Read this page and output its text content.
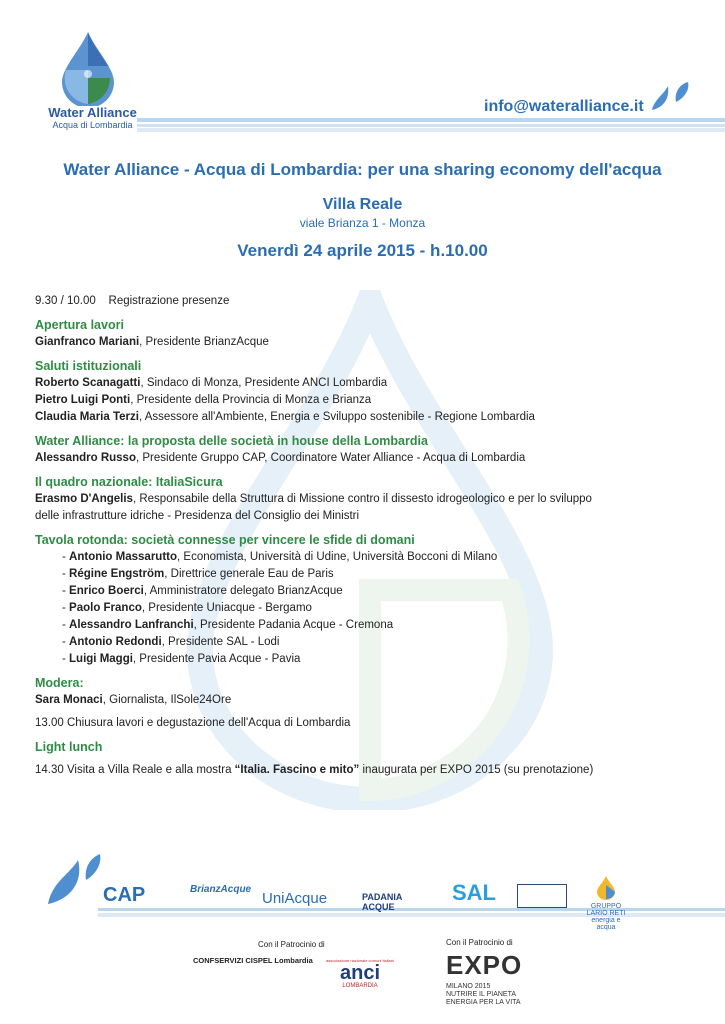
Water Alliance
Acqua di Lombardia
info@wateralliance.it
Water Alliance - Acqua di Lombardia: per una sharing economy dell'acqua
Villa Reale
viale Brianza 1 - Monza
Venerdì 24 aprile 2015 - h.10.00
9.30 / 10.00    Registrazione presenze
Apertura lavori
Gianfranco Mariani, Presidente BrianzAcque
Saluti istituzionali
Roberto Scanagatti, Sindaco di Monza, Presidente ANCI Lombardia
Pietro Luigi Ponti, Presidente della Provincia di Monza e Brianza
Claudia Maria Terzi, Assessore all'Ambiente, Energia e Sviluppo sostenibile - Regione Lombardia
Water Alliance: la proposta delle società in house della Lombardia
Alessandro Russo, Presidente Gruppo CAP, Coordinatore Water Alliance - Acqua di Lombardia
Il quadro nazionale: ItaliaSicura
Erasmo D'Angelis, Responsabile della Struttura di Missione contro il dissesto idrogeologico e per lo sviluppo
delle infrastrutture idriche - Presidenza del Consiglio dei Ministri
Tavola rotonda: società connesse per vincere le sfide di domani
- Antonio Massarutto, Economista, Università di Udine, Università Bocconi di Milano
- Régine Engström, Direttrice generale Eau de Paris
- Enrico Boerci, Amministratore delegato BrianzAcque
- Paolo Franco, Presidente Uniacque - Bergamo
- Alessandro Lanfranchi, Presidente Padania Acque - Cremona
- Antonio Redondi, Presidente SAL - Lodi
- Luigi Maggi, Presidente Pavia Acque - Pavia
Modera:
Sara Monaci, Giornalista, IlSole24Ore
13.00 Chiusura lavori e degustazione dell'Acqua di Lombardia
Light lunch
14.30 Visita a Villa Reale e alla mostra “Italia. Fascino e mito” inaugurata per EXPO 2015 (su prenotazione)
CAP	BrianzAcque
UniAcque	PADANIA
ACQUE
SAL
GRUPPO LARIO RETI
energia e acqua
Con il Patrocinio di
CONFSERVIZI CISPEL Lombardia	associazione nazionale comuni italiani
anci
LOMBARDIA
Con il Patrocinio di
EXPO
MILANO 2015
NUTRIRE IL PIANETA
ENERGIA PER LA VITA
